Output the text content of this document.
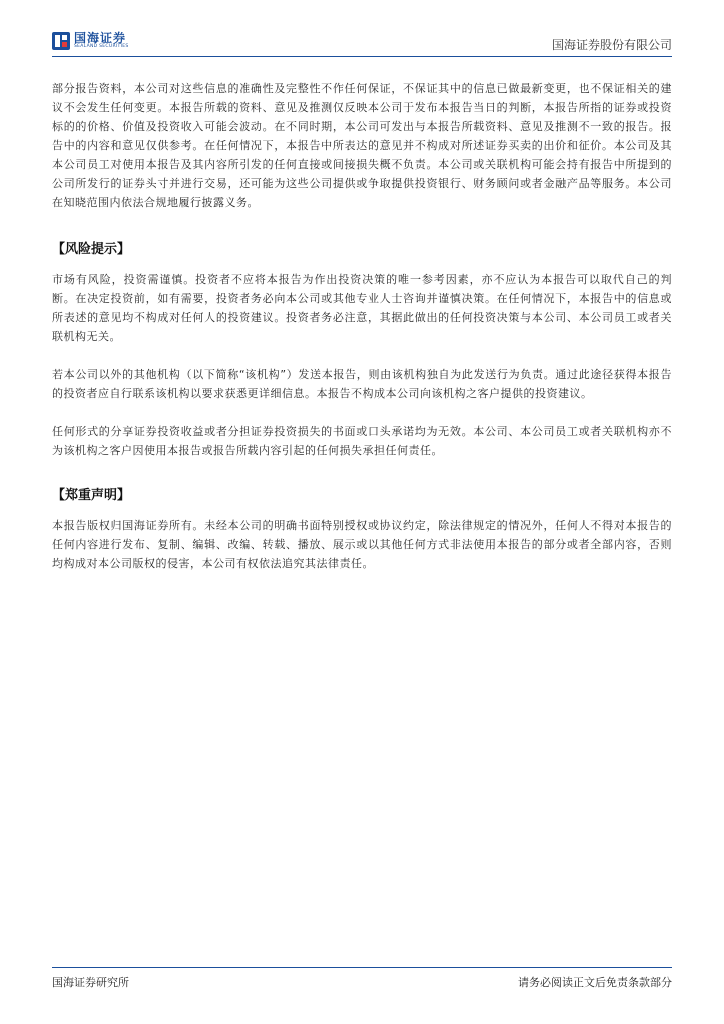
国海证券
SEALAND SECURITIES	国海证券股份有限公司

部分报告资料，本公司对这些信息的准确性及完整性不作任何保证，不保证其中的信息已做最新变更，也不保证相关的建议不会发生任何变更。本报告所载的资料、意见及推测仅反映本公司于发布本报告当日的判断，本报告所指的证券或投资标的的价格、价值及投资收入可能会波动。在不同时期，本公司可发出与本报告所载资料、意见及推测不一致的报告。报告中的内容和意见仅供参考。在任何情况下，本报告中所表达的意见并不构成对所述证券买卖的出价和征价。本公司及其本公司员工对使用本报告及其内容所引发的任何直接或间接损失概不负责。本公司或关联机构可能会持有报告中所提到的公司所发行的证券头寸并进行交易，还可能为这些公司提供或争取提供投资银行、财务顾问或者金融产品等服务。本公司在知晓范围内依法合规地履行披露义务。

【风险提示】

市场有风险，投资需谨慎。投资者不应将本报告为作出投资决策的唯一参考因素，亦不应认为本报告可以取代自己的判断。在决定投资前，如有需要，投资者务必向本公司或其他专业人士咨询并谨慎决策。在任何情况下，本报告中的信息或所表述的意见均不构成对任何人的投资建议。投资者务必注意，其据此做出的任何投资决策与本公司、本公司员工或者关联机构无关。

若本公司以外的其他机构（以下简称“该机构”）发送本报告，则由该机构独自为此发送行为负责。通过此途径获得本报告的投资者应自行联系该机构以要求获悉更详细信息。本报告不构成本公司向该机构之客户提供的投资建议。

任何形式的分享证券投资收益或者分担证券投资损失的书面或口头承诺均为无效。本公司、本公司员工或者关联机构亦不为该机构之客户因使用本报告或报告所载内容引起的任何损失承担任何责任。

【郑重声明】

本报告版权归国海证券所有。未经本公司的明确书面特别授权或协议约定，除法律规定的情况外，任何人不得对本报告的任何内容进行发布、复制、编辑、改编、转载、播放、展示或以其他任何方式非法使用本报告的部分或者全部内容，否则均构成对本公司版权的侵害，本公司有权依法追究其法律责任。

国海证券研究所	请务必阅读正文后免责条款部分
